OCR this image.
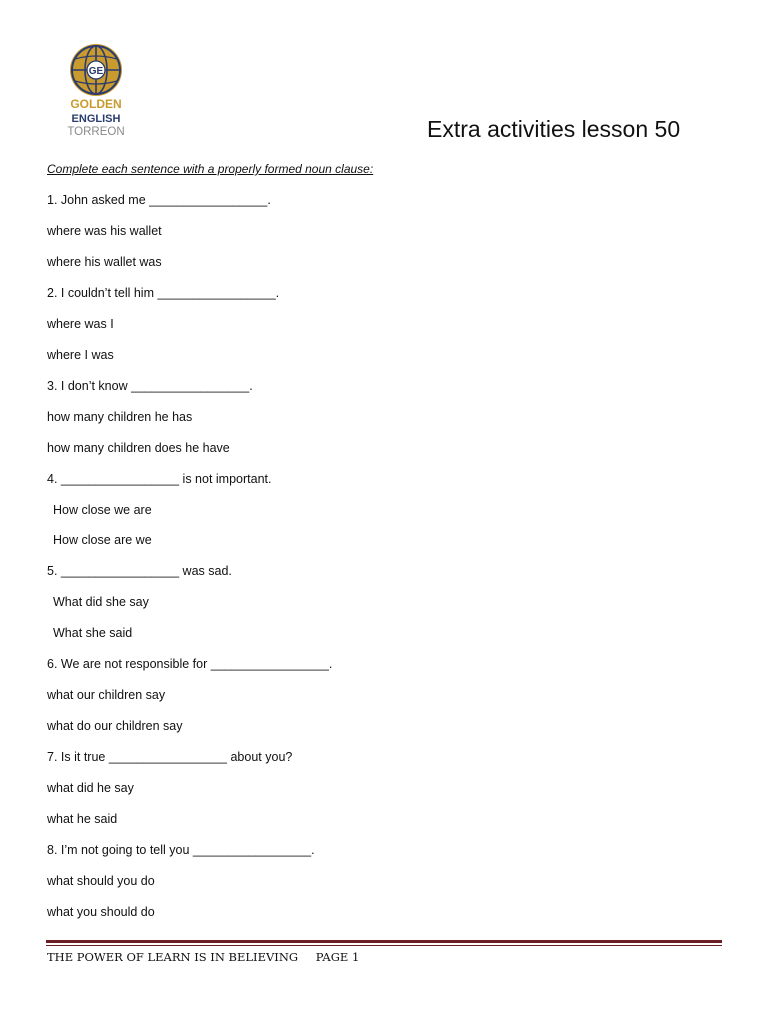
GE
GOLDEN
ENGLISH
TORREON	Extra activities lesson 50
Complete each sentence with a properly formed noun clause:
1. John asked me _________________.
where was his wallet
where his wallet was
2. I couldn’t tell him _________________.
where was I
where I was
3. I don’t know _________________.
how many children he has
how many children does he have
4. _________________ is not important.
How close we are
How close are we
5. _________________ was sad.
What did she say
What she said
6. We are not responsible for _________________.
what our children say
what do our children say
7. Is it true _________________ about you?
what did he say
what he said
8. I’m not going to tell you _________________.
what should you do
what you should do
THE POWER OF LEARN IS IN BELIEVING PAGE 1
